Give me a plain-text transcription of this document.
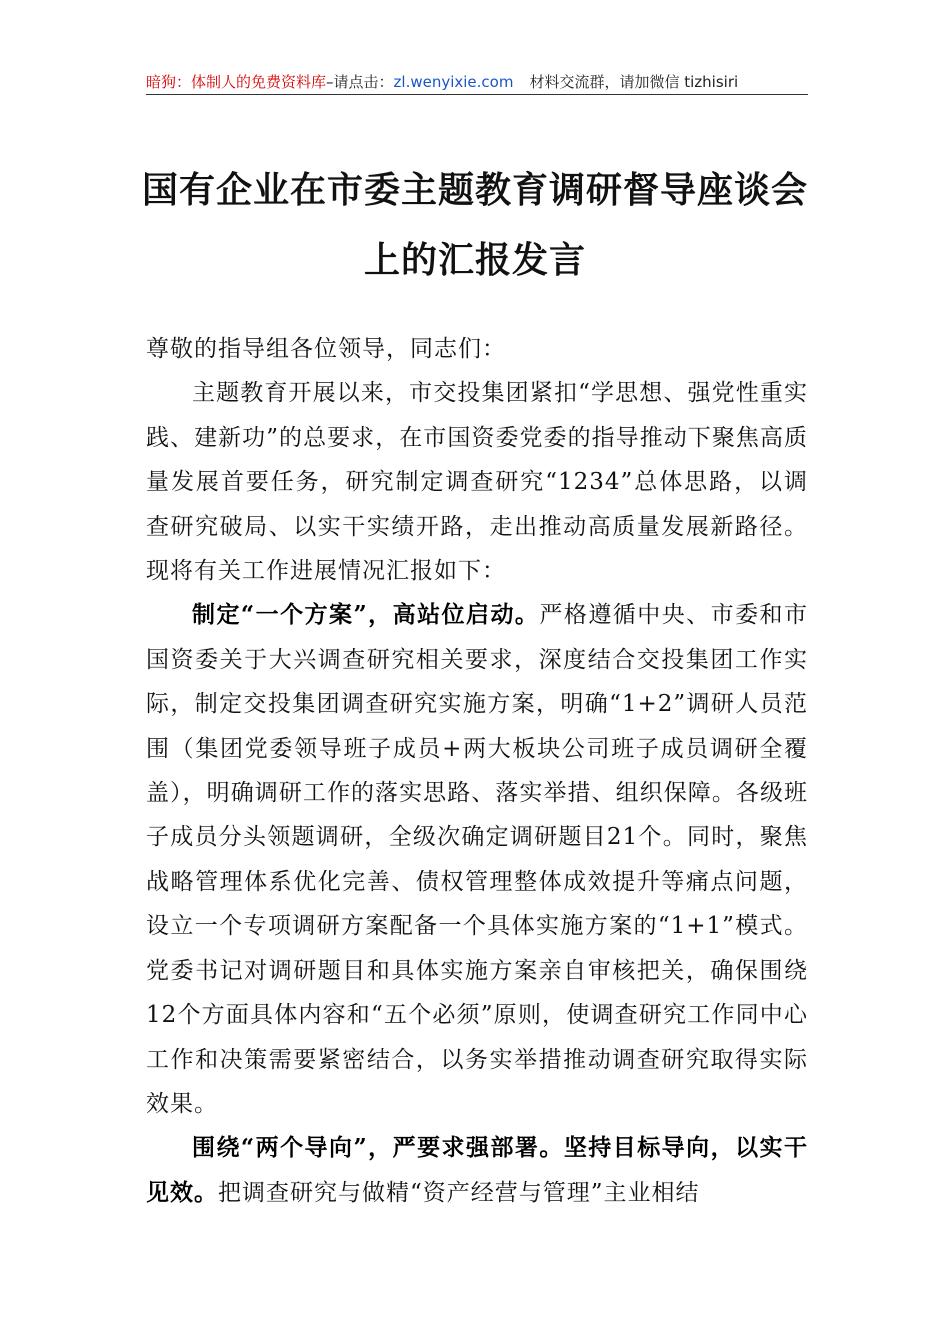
暗狗：体制人的免费资料库–请点击：zl.wenyixie.com 材料交流群，请加微信 tizhisiri
国有企业在市委主题教育调研督导座谈会
上的汇报发言

尊敬的指导组各位领导，同志们：

主题教育开展以来，市交投集团紧扣“学思想、强党性重实践、建新功”的总要求，在市国资委党委的指导推动下聚焦高质量发展首要任务，研究制定调查研究“1234”总体思路，以调查研究破局、以实干实绩开路，走出推动高质量发展新路径。现将有关工作进展情况汇报如下：

制定“一个方案”，高站位启动。严格遵循中央、市委和市国资委关于大兴调查研究相关要求，深度结合交投集团工作实际，制定交投集团调查研究实施方案，明确“1+2”调研人员范围（集团党委领导班子成员+两大板块公司班子成员调研全覆盖），明确调研工作的落实思路、落实举措、组织保障。各级班子成员分头领题调研，全级次确定调研题目21个。同时，聚焦战略管理体系优化完善、债权管理整体成效提升等痛点问题，设立一个专项调研方案配备一个具体实施方案的“1+1”模式。党委书记对调研题目和具体实施方案亲自审核把关，确保围绕12个方面具体内容和“五个必须”原则，使调查研究工作同中心工作和决策需要紧密结合，以务实举措推动调查研究取得实际效果。

围绕“两个导向”，严要求强部署。坚持目标导向，以实干见效。把调查研究与做精“资产经营与管理”主业相结
